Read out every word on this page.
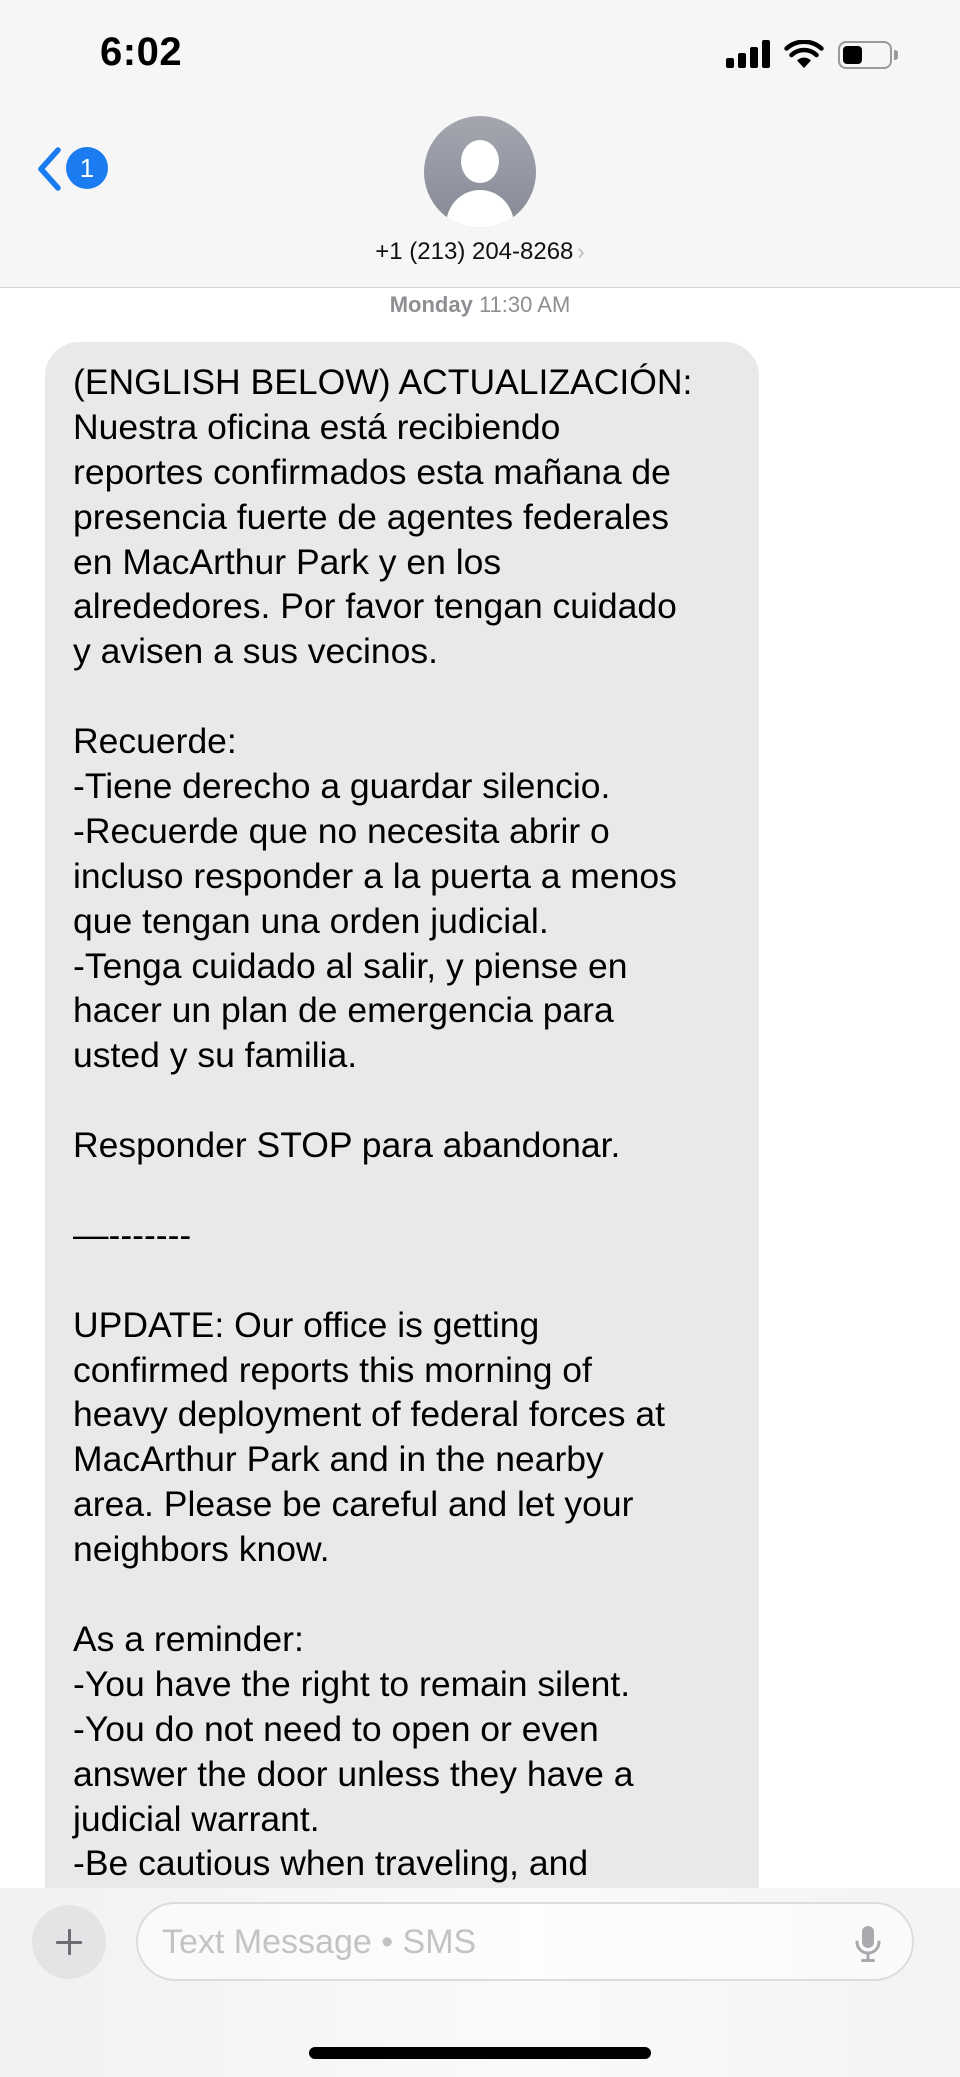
6:02
1
+1 (213) 204-8268 ›
Monday 11:30 AM
(ENGLISH BELOW) ACTUALIZACIÓN:
Nuestra oficina está recibiendo
reportes confirmados esta mañana de
presencia fuerte de agentes federales
en MacArthur Park y en los
alrededores. Por favor tengan cuidado
y avisen a sus vecinos.
Recuerde:
-Tiene derecho a guardar silencio.
-Recuerde que no necesita abrir o
incluso responder a la puerta a menos
que tengan una orden judicial.
-Tenga cuidado al salir, y piense en
hacer un plan de emergencia para
usted y su familia.
Responder STOP para abandonar.
—-------
UPDATE: Our office is getting
confirmed reports this morning of
heavy deployment of federal forces at
MacArthur Park and in the nearby
area. Please be careful and let your
neighbors know.
As a reminder:
-You have the right to remain silent.
-You do not need to open or even
answer the door unless they have a
judicial warrant.
-Be cautious when traveling, and
Text Message • SMS
